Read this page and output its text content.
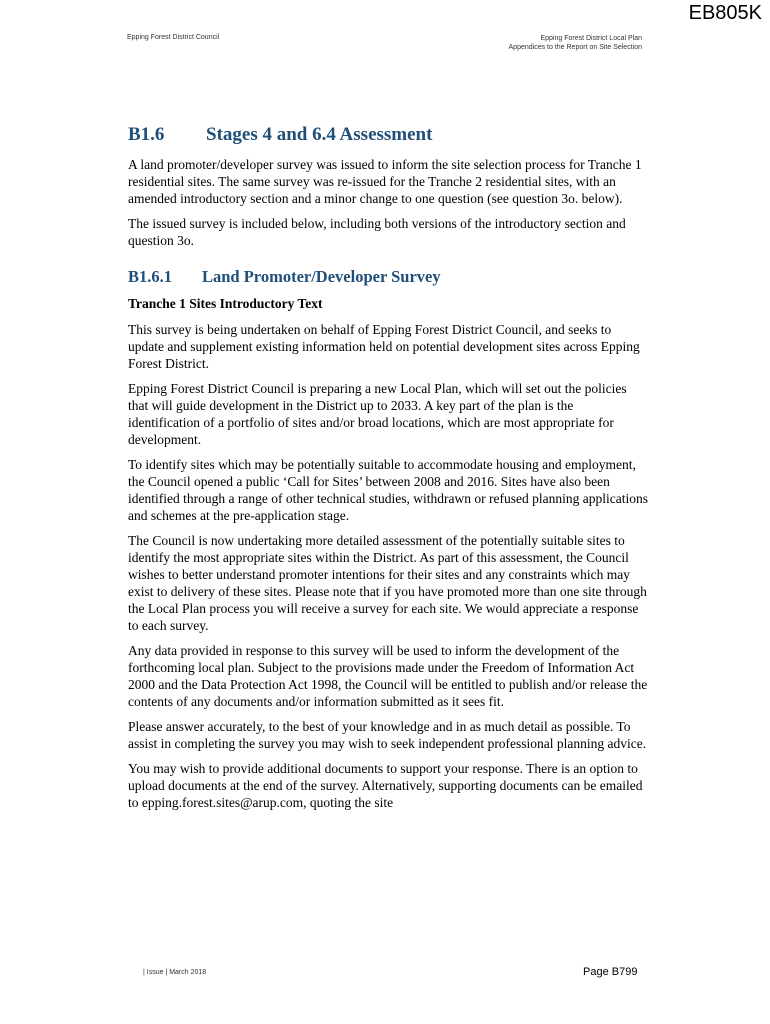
EB805K
Epping Forest District Council	Epping Forest District Local Plan
Appendices to the Report on Site Selection
B1.6	Stages 4 and 6.4 Assessment

A land promoter/developer survey was issued to inform the site selection process for Tranche 1 residential sites. The same survey was re-issued for the Tranche 2 residential sites, with an amended introductory section and a minor change to one question (see question 3o. below).

The issued survey is included below, including both versions of the introductory section and question 3o.

B1.6.1	Land Promoter/Developer Survey
Tranche 1 Sites Introductory Text

This survey is being undertaken on behalf of Epping Forest District Council, and seeks to update and supplement existing information held on potential development sites across Epping Forest District.

Epping Forest District Council is preparing a new Local Plan, which will set out the policies that will guide development in the District up to 2033. A key part of the plan is the identification of a portfolio of sites and/or broad locations, which are most appropriate for development.

To identify sites which may be potentially suitable to accommodate housing and employment, the Council opened a public ‘Call for Sites’ between 2008 and 2016. Sites have also been identified through a range of other technical studies, withdrawn or refused planning applications and schemes at the pre-application stage.

The Council is now undertaking more detailed assessment of the potentially suitable sites to identify the most appropriate sites within the District. As part of this assessment, the Council wishes to better understand promoter intentions for their sites and any constraints which may exist to delivery of these sites. Please note that if you have promoted more than one site through the Local Plan process you will receive a survey for each site. We would appreciate a response to each survey.

Any data provided in response to this survey will be used to inform the development of the forthcoming local plan. Subject to the provisions made under the Freedom of Information Act 2000 and the Data Protection Act 1998, the Council will be entitled to publish and/or release the contents of any documents and/or information submitted as it sees fit.

Please answer accurately, to the best of your knowledge and in as much detail as possible. To assist in completing the survey you may wish to seek independent professional planning advice.

You may wish to provide additional documents to support your response. There is an option to upload documents at the end of the survey. Alternatively, supporting documents can be emailed to epping.forest.sites@arup.com, quoting the site

| Issue | March 2018	Page B799
